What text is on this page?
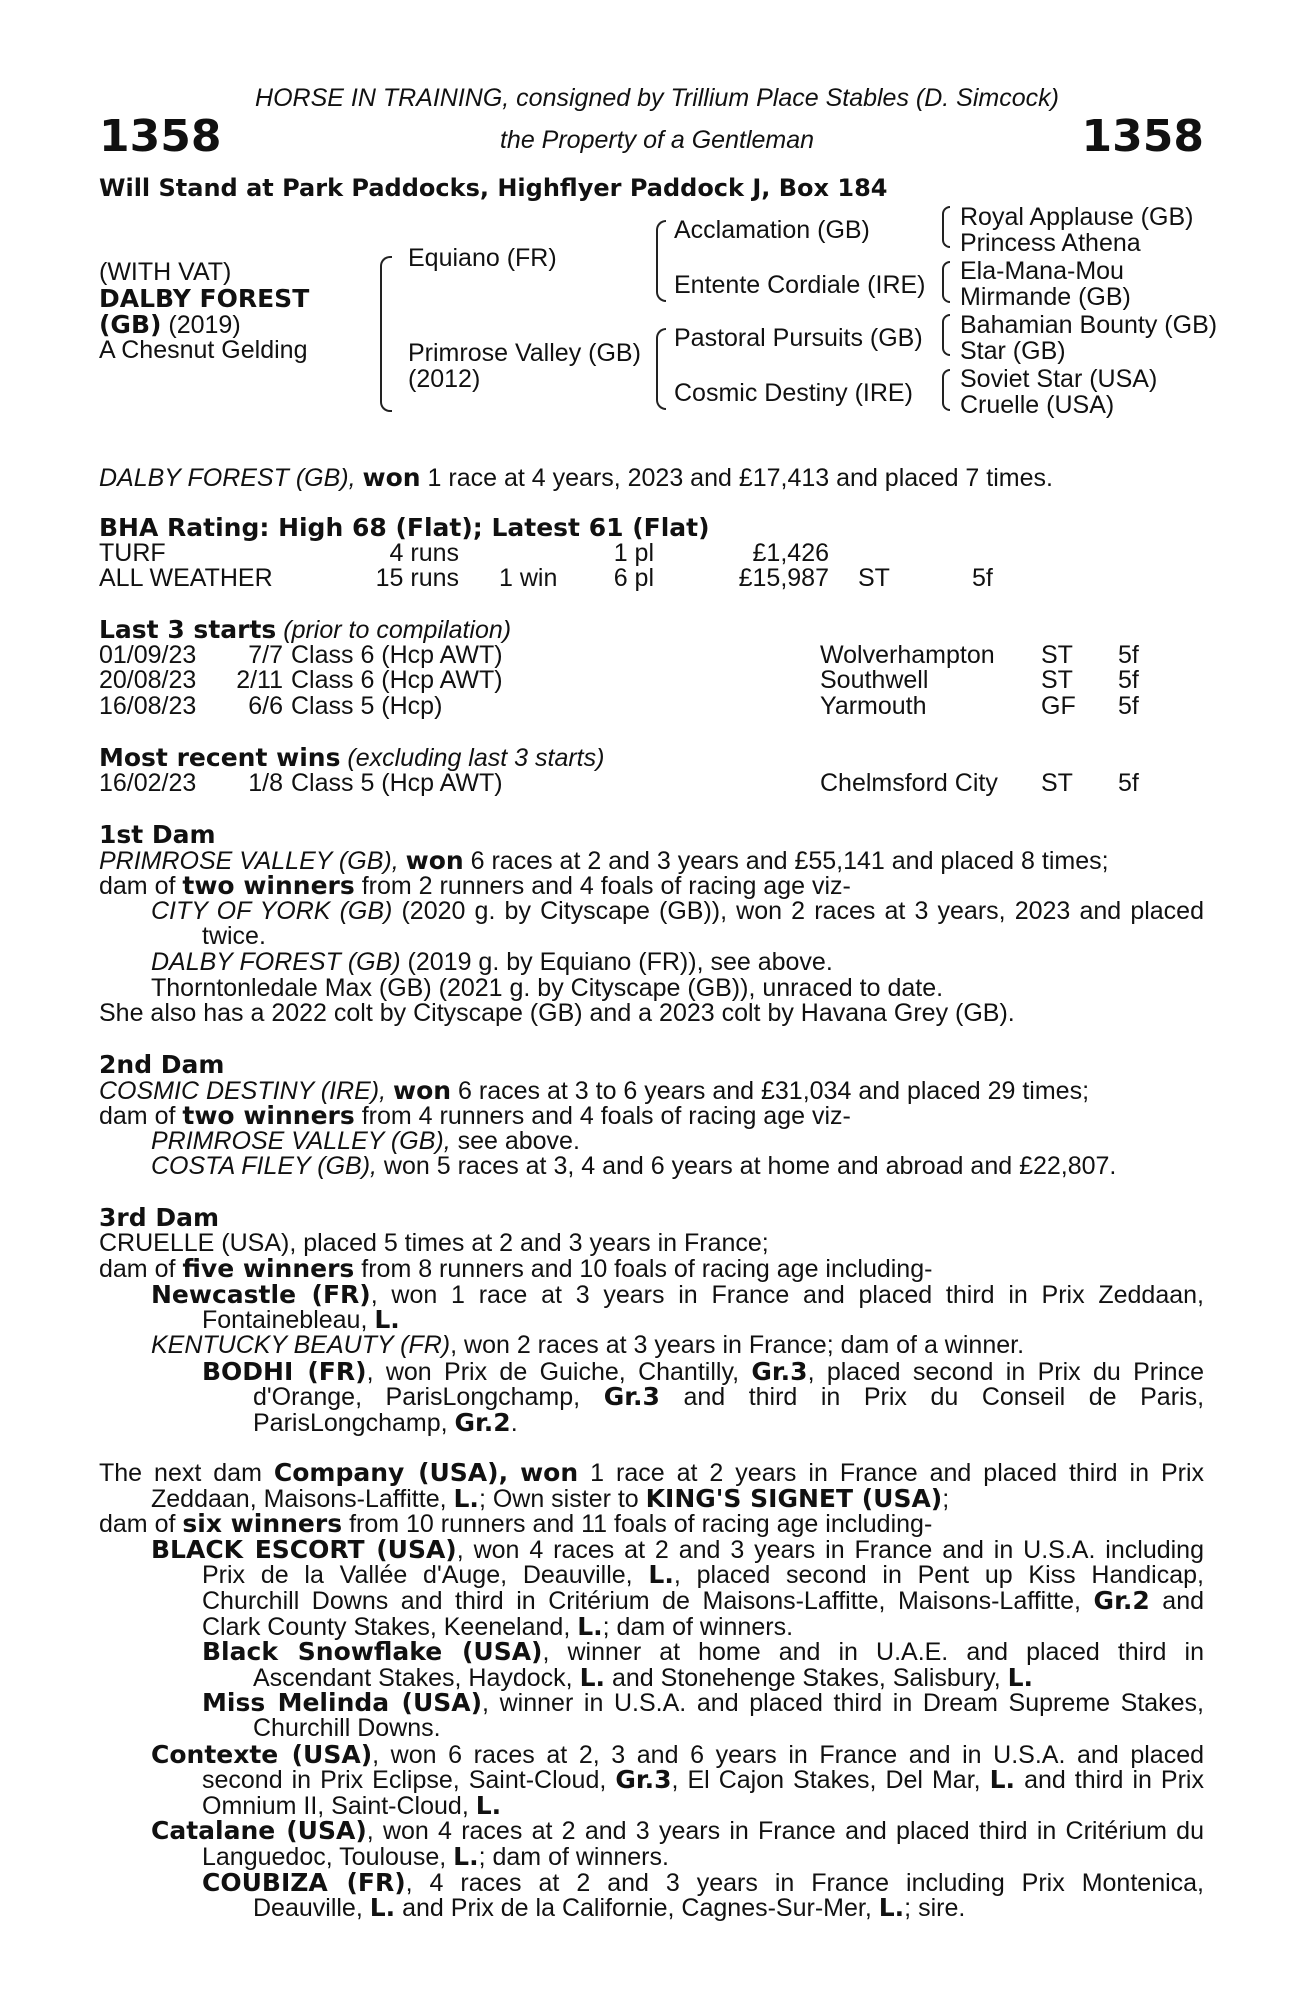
HORSE IN TRAINING, consigned by Trillium Place Stables (D. Simcock)
1358	the Property of a Gentleman	1358
Will Stand at Park Paddocks, Highflyer Paddock J, Box 184
(WITH VAT)
DALBY FOREST
(GB) (2019)
A Chesnut Gelding
Equiano (FR)
Primrose Valley (GB)
(2012)
Acclamation (GB)
Entente Cordiale (IRE)
Pastoral Pursuits (GB)
Cosmic Destiny (IRE)
Royal Applause (GB)
Princess Athena
Ela-Mana-Mou
Mirmande (GB)
Bahamian Bounty (GB)
Star (GB)
Soviet Star (USA)
Cruelle (USA)
DALBY FOREST (GB), won 1 race at 4 years, 2023 and £17,413 and placed 7 times.
BHA Rating: High 68 (Flat); Latest 61 (Flat)
TURF	4 runs	1 pl	£1,426
ALL WEATHER	15 runs 1 win	6 pl	£15,987 ST	5f
Last 3 starts (prior to compilation)
01/09/23	7/7 Class 6 (Hcp AWT)	Wolverhampton ST 5f
20/08/23	2/11 Class 6 (Hcp AWT)	Southwell	ST 5f
16/08/23	6/6 Class 5 (Hcp)	Yarmouth	GF 5f
Most recent wins (excluding last 3 starts)
16/02/23	1/8 Class 5 (Hcp AWT)	Chelmsford City ST 5f
1st Dam
PRIMROSE VALLEY (GB), won 6 races at 2 and 3 years and £55,141 and placed 8 times;
dam of two winners from 2 runners and 4 foals of racing age viz-
CITY OF YORK (GB) (2020 g. by Cityscape (GB)), won 2 races at 3 years, 2023 and placed
twice.
DALBY FOREST (GB) (2019 g. by Equiano (FR)), see above.
Thorntonledale Max (GB) (2021 g. by Cityscape (GB)), unraced to date.
She also has a 2022 colt by Cityscape (GB) and a 2023 colt by Havana Grey (GB).
2nd Dam
COSMIC DESTINY (IRE), won 6 races at 3 to 6 years and £31,034 and placed 29 times;
dam of two winners from 4 runners and 4 foals of racing age viz-
PRIMROSE VALLEY (GB), see above.
COSTA FILEY (GB), won 5 races at 3, 4 and 6 years at home and abroad and £22,807.
3rd Dam
CRUELLE (USA), placed 5 times at 2 and 3 years in France;
dam of five winners from 8 runners and 10 foals of racing age including-
Newcastle (FR), won 1 race at 3 years in France and placed third in Prix Zeddaan,
Fontainebleau, L.
KENTUCKY BEAUTY (FR), won 2 races at 3 years in France; dam of a winner.
BODHI (FR), won Prix de Guiche, Chantilly, Gr.3, placed second in Prix du Prince
d'Orange, ParisLongchamp, Gr.3 and third in Prix du Conseil de Paris,
ParisLongchamp, Gr.2.
The next dam Company (USA), won 1 race at 2 years in France and placed third in Prix
Zeddaan, Maisons-Laffitte, L.; Own sister to KING'S SIGNET (USA);
dam of six winners from 10 runners and 11 foals of racing age including-
BLACK ESCORT (USA), won 4 races at 2 and 3 years in France and in U.S.A. including
Prix de la Vallée d'Auge, Deauville, L., placed second in Pent up Kiss Handicap,
Churchill Downs and third in Critérium de Maisons-Laffitte, Maisons-Laffitte, Gr.2 and
Clark County Stakes, Keeneland, L.; dam of winners.
Black Snowflake (USA), winner at home and in U.A.E. and placed third in
Ascendant Stakes, Haydock, L. and Stonehenge Stakes, Salisbury, L.
Miss Melinda (USA), winner in U.S.A. and placed third in Dream Supreme Stakes,
Churchill Downs.
Contexte (USA), won 6 races at 2, 3 and 6 years in France and in U.S.A. and placed
second in Prix Eclipse, Saint-Cloud, Gr.3, El Cajon Stakes, Del Mar, L. and third in Prix
Omnium II, Saint-Cloud, L.
Catalane (USA), won 4 races at 2 and 3 years in France and placed third in Critérium du
Languedoc, Toulouse, L.; dam of winners.
COUBIZA (FR), 4 races at 2 and 3 years in France including Prix Montenica,
Deauville, L. and Prix de la Californie, Cagnes-Sur-Mer, L.; sire.
